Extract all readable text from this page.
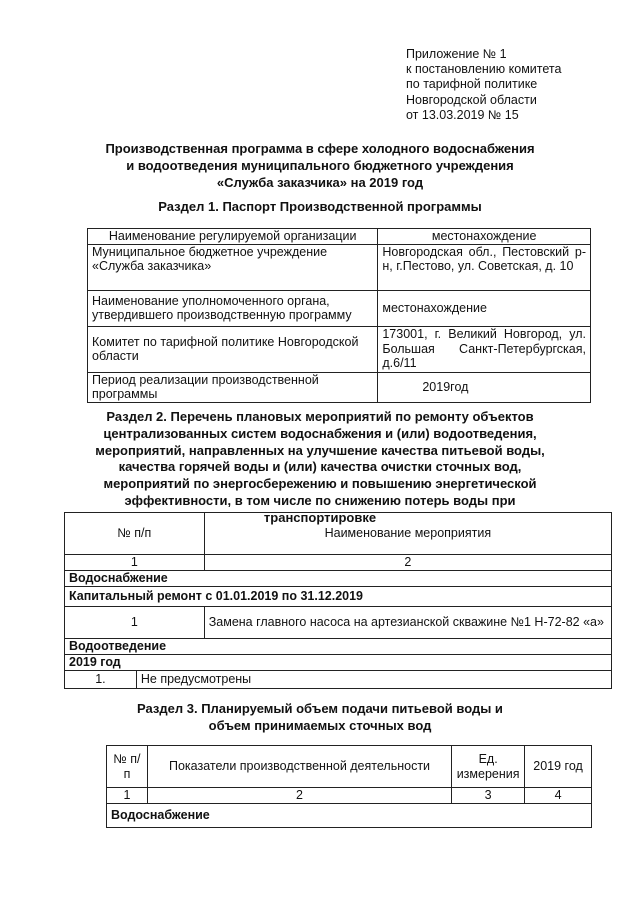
Приложение № 1
к постановлению комитета
по тарифной политике
Новгородской области
от 13.03.2019 № 15
Производственная программа в сфере холодного водоснабжения и водоотведения муниципального бюджетного учреждения «Служба заказчика» на 2019 год
Раздел 1. Паспорт Производственной программы
Наименование регулируемой организации	местонахождение
Муниципальное бюджетное учреждение «Служба заказчика»	Новгородская обл., Пестовский р-н, г.Пестово, ул. Советская, д. 10
Наименование уполномоченного органа, утвердившего производственную программу	местонахождение
Комитет по тарифной политике Новгородской области	173001, г. Великий Новгород, ул. Большая Санкт-Петербургская, д.6/11
Период реализации производственной программы	2019год
Раздел 2. Перечень плановых мероприятий по ремонту объектов централизованных систем водоснабжения и (или) водоотведения, мероприятий, направленных на улучшение качества питьевой воды, качества горячей воды и (или) качества очистки сточных вод, мероприятий по энергосбережению и повышению энергетической эффективности, в том числе по снижению потерь воды при транспортировке
№ п/п		Наименование мероприятия
1		2
Водоснабжение		
Капитальный ремонт с 01.01.2019 по 31.12.2019		
1		Замена главного насоса на артезианской скважине №1 Н-72-82 «а»
Водоотведение		
2019 год		
1.	Не предусмотрены	
Раздел 3. Планируемый объем подачи питьевой воды и объем принимаемых сточных вод
№ п/п	Показатели производственной деятельности	Ед. измерения	2019 год
1	2	3	4
Водоснабжение			
